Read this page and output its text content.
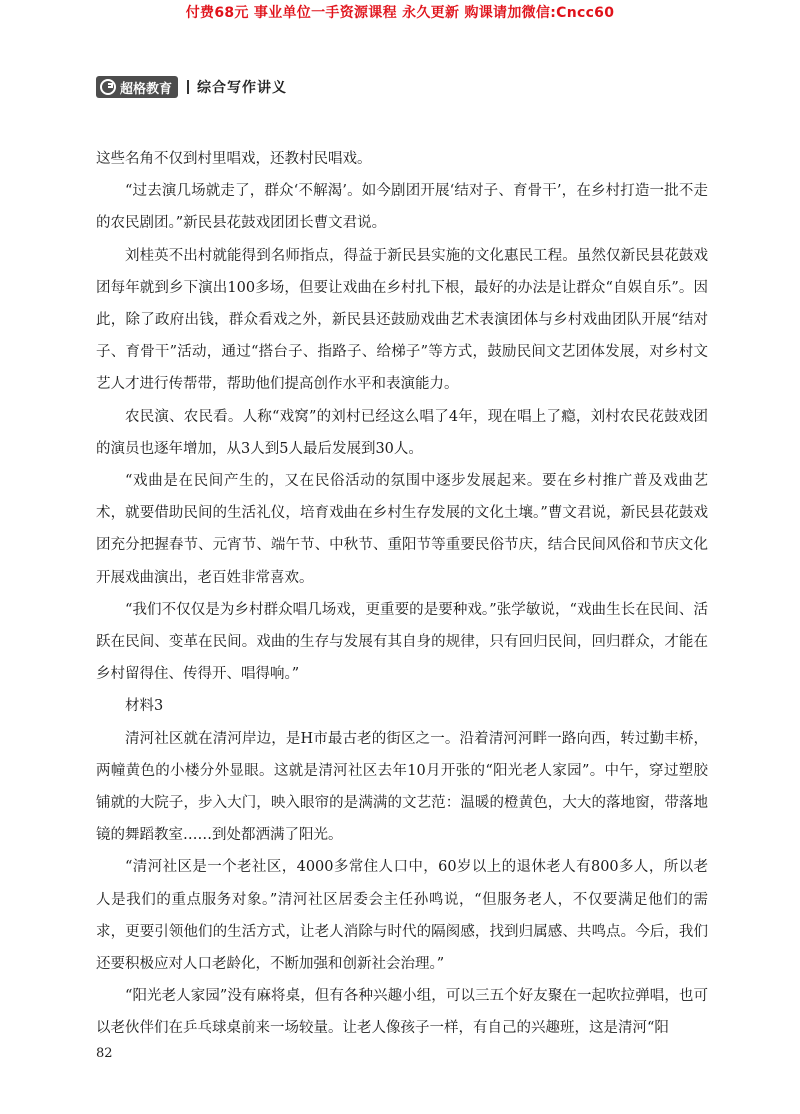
付费68元 事业单位一手资源课程 永久更新 购课请加微信:Cncc60
超格教育 综合写作讲义

这些名角不仅到村里唱戏，还教村民唱戏。

“过去演几场就走了，群众‘不解渴’。如今剧团开展‘结对子、育骨干’，在乡村打造一批不走的农民剧团。”新民县花鼓戏团团长曹文君说。

刘桂英不出村就能得到名师指点，得益于新民县实施的文化惠民工程。虽然仅新民县花鼓戏团每年就到乡下演出100多场，但要让戏曲在乡村扎下根，最好的办法是让群众“自娱自乐”。因此，除了政府出钱，群众看戏之外，新民县还鼓励戏曲艺术表演团体与乡村戏曲团队开展“结对子、育骨干”活动，通过“搭台子、指路子、给梯子”等方式，鼓励民间文艺团体发展，对乡村文艺人才进行传帮带，帮助他们提高创作水平和表演能力。

农民演、农民看。人称“戏窝”的刘村已经这么唱了4年，现在唱上了瘾，刘村农民花鼓戏团的演员也逐年增加，从3人到5人最后发展到30人。

“戏曲是在民间产生的，又在民俗活动的氛围中逐步发展起来。要在乡村推广普及戏曲艺术，就要借助民间的生活礼仪，培育戏曲在乡村生存发展的文化土壤。”曹文君说，新民县花鼓戏团充分把握春节、元宵节、端午节、中秋节、重阳节等重要民俗节庆，结合民间风俗和节庆文化开展戏曲演出，老百姓非常喜欢。

“我们不仅仅是为乡村群众唱几场戏，更重要的是要种戏。”张学敏说，“戏曲生长在民间、活跃在民间、变革在民间。戏曲的生存与发展有其自身的规律，只有回归民间，回归群众，才能在乡村留得住、传得开、唱得响。”

材料3

清河社区就在清河岸边，是H市最古老的街区之一。沿着清河河畔一路向西，转过勤丰桥，两幢黄色的小楼分外显眼。这就是清河社区去年10月开张的“阳光老人家园”。中午，穿过塑胶铺就的大院子，步入大门，映入眼帘的是满满的文艺范：温暖的橙黄色，大大的落地窗，带落地镜的舞蹈教室……到处都洒满了阳光。

“清河社区是一个老社区，4000多常住人口中，60岁以上的退休老人有800多人，所以老人是我们的重点服务对象。”清河社区居委会主任孙鸣说，“但服务老人，不仅要满足他们的需求，更要引领他们的生活方式，让老人消除与时代的隔阂感，找到归属感、共鸣点。今后，我们还要积极应对人口老龄化，不断加强和创新社会治理。”

“阳光老人家园”没有麻将桌，但有各种兴趣小组，可以三五个好友聚在一起吹拉弹唱，也可以老伙伴们在乒乓球桌前来一场较量。让老人像孩子一样，有自己的兴趣班，这是清河“阳

82
